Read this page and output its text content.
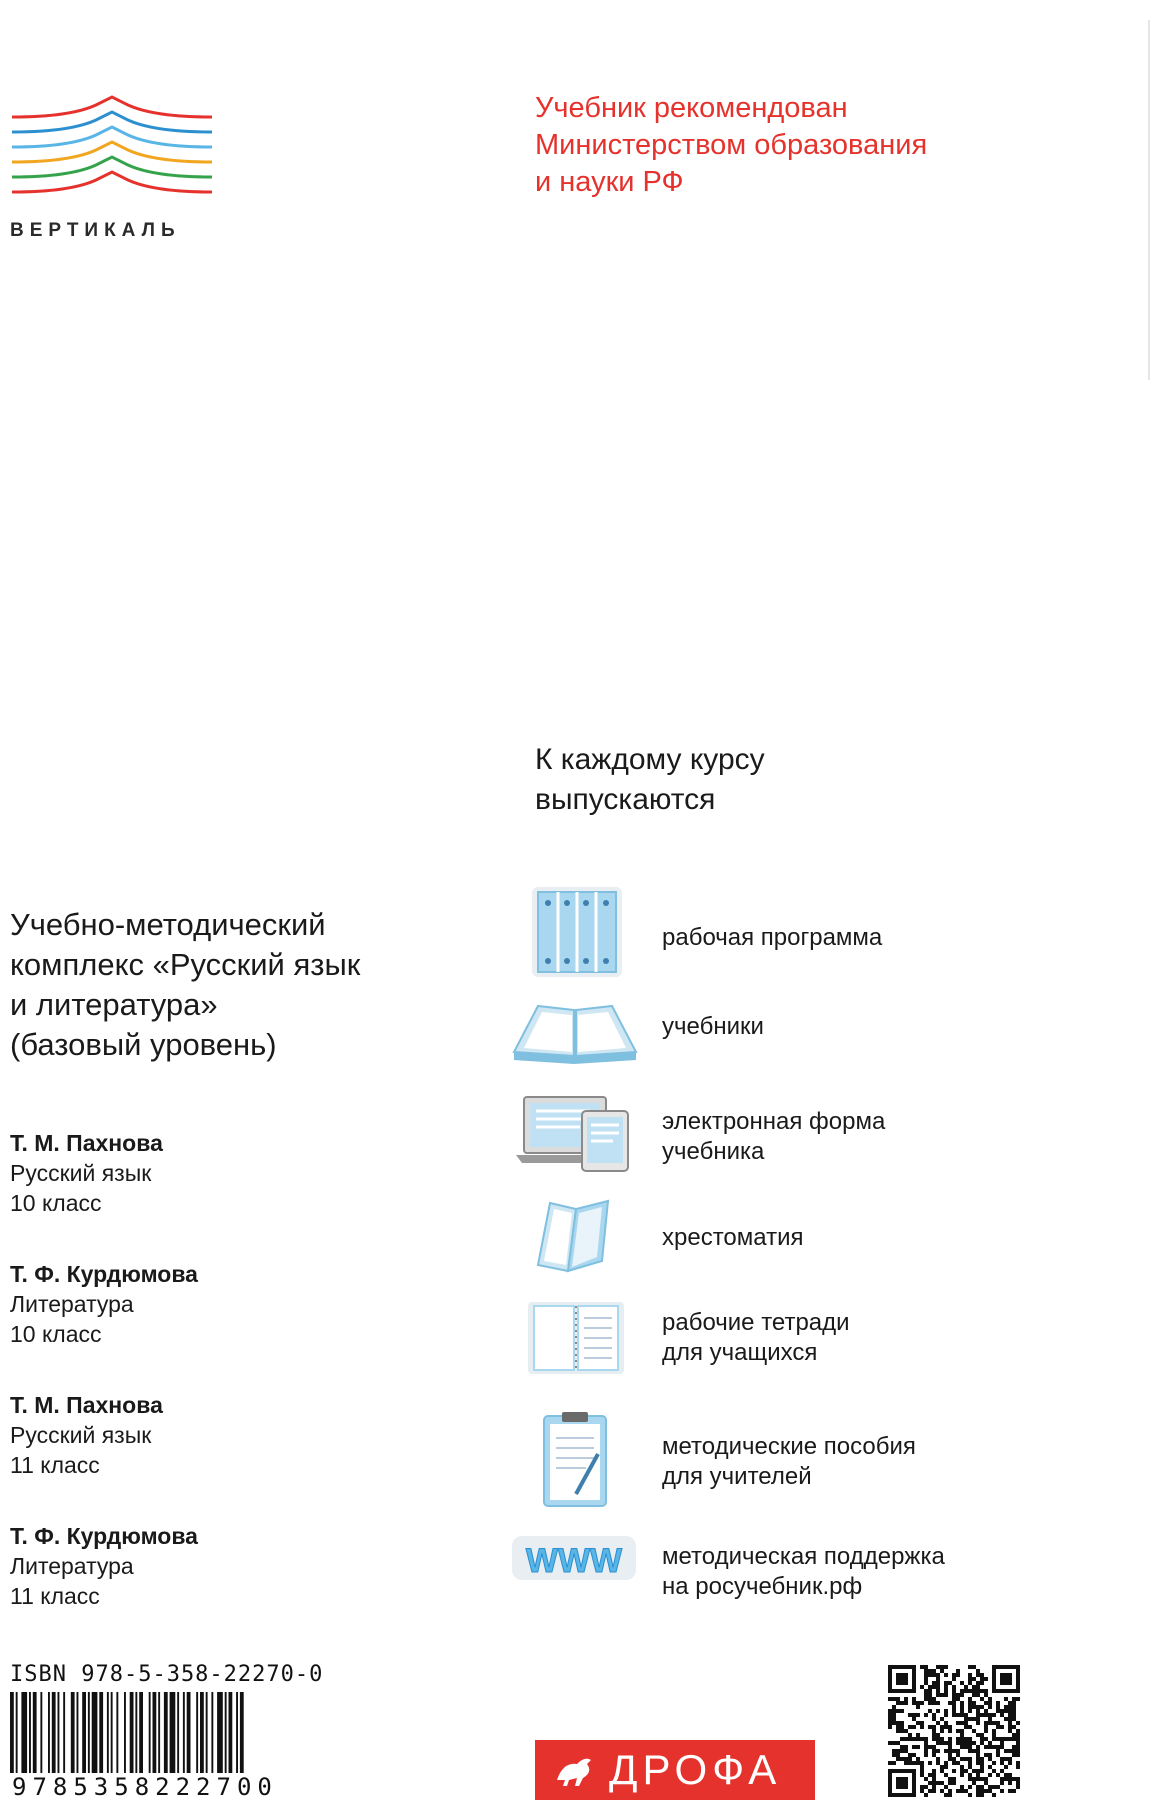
ВЕРТИКАЛЬ
Учебник рекомендован
Министерством образования
и науки РФ
К каждому курсу
выпускаются
Учебно-методический
комплекс «Русский язык
и литература»
(базовый уровень)
Т. М. Пахнова
Русский язык
10 класс
Т. Ф. Курдюмова
Литература
10 класс
Т. М. Пахнова
Русский язык
11 класс
Т. Ф. Курдюмова
Литература
11 класс
рабочая программа
учебники
электронная форма
учебника
хрестоматия
рабочие тетради
для учащихся
методические пособия
для учителей
WWW методическая поддержка
на росучебник.рф
ISBN 978-5-358-22270-0
9785358222700	ДРОФА
